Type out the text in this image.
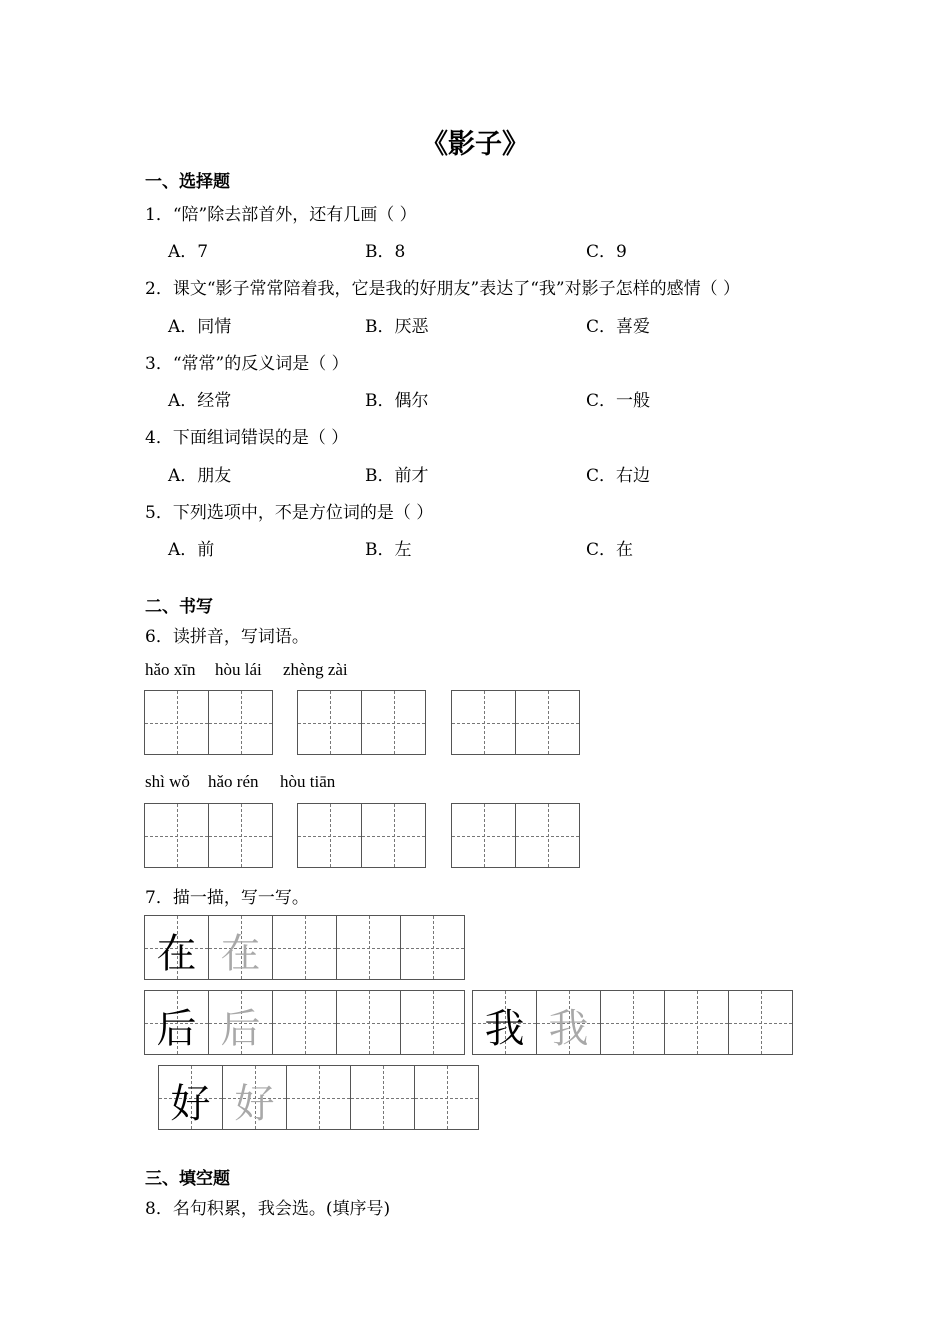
《影子》
一、选择题
1．“陪”除去部首外，还有几画（ ）
A．7	B．8	C．9
2．课文“影子常常陪着我，它是我的好朋友”表达了“我”对影子怎样的感情（ ）
A．同情	B．厌恶	C．喜爱
3．“常常”的反义词是（ ）
A．经常	B．偶尔	C．一般
4．下面组词错误的是（ ）
A．朋友	B．前才	C．右边
5．下列选项中，不是方位词的是（ ）
A．前	B．左	C．在
二、书写
6．读拼音，写词语。
hǎo xīn hòu lái zhèng zài
shì wǒ hǎo rén hòu tiān
7．描一描，写一写。
在 在
后 后	我 我
好 好
三、填空题
8．名句积累，我会选。(填序号)
